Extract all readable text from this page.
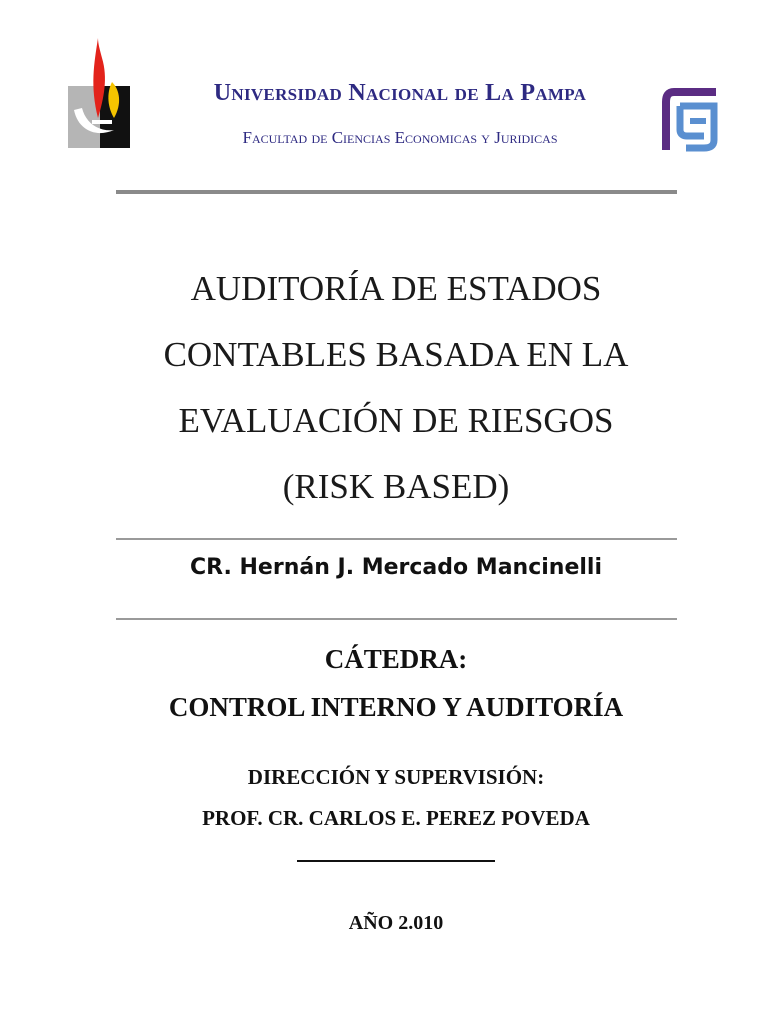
Universidad Nacional de La Pampa
Facultad de Ciencias Economicas y Juridicas
AUDITORÍA DE ESTADOS
CONTABLES BASADA EN LA
EVALUACIÓN DE RIESGOS
(RISK BASED)
CR. Hernán J. Mercado Mancinelli
CÁTEDRA:
CONTROL INTERNO Y AUDITORÍA
DIRECCIÓN Y SUPERVISIÓN:
PROF. CR. CARLOS E. PEREZ POVEDA
AÑO 2.010
